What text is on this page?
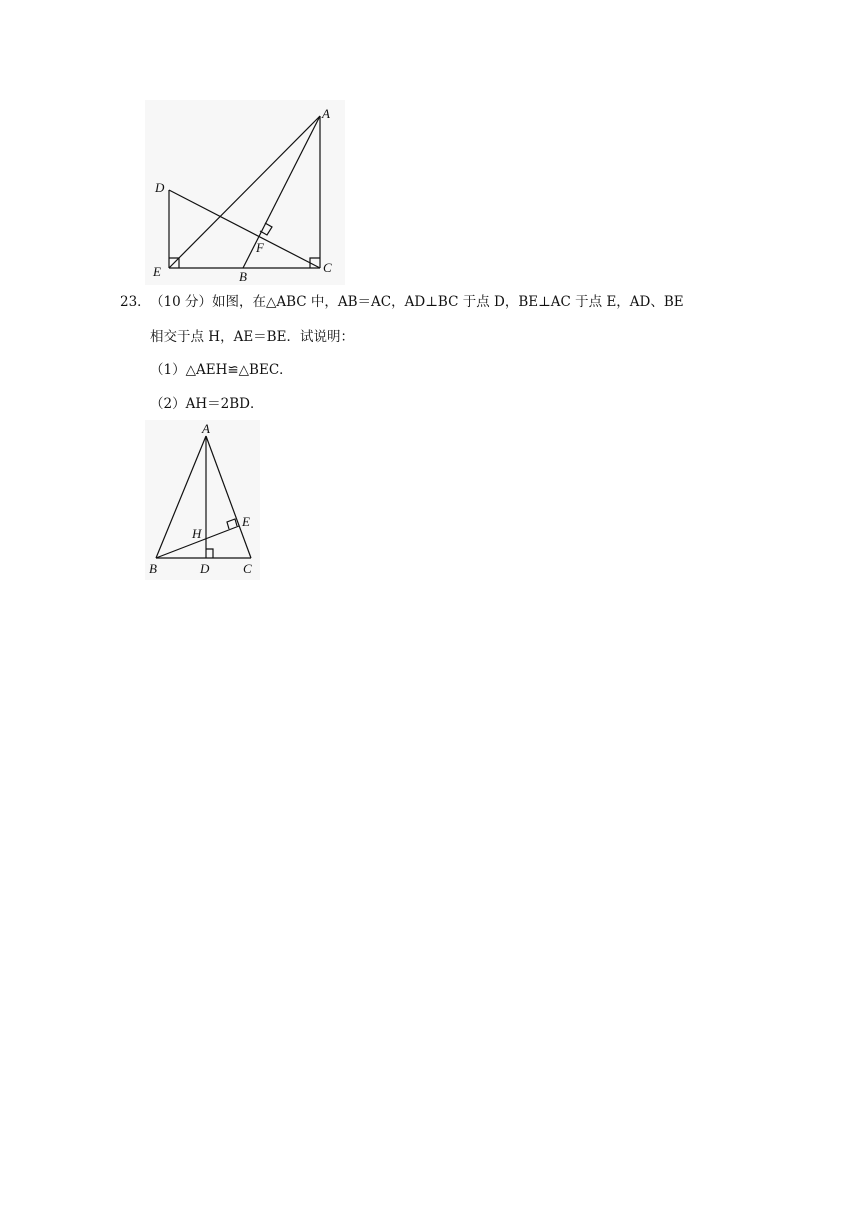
A
D
F
E	B
C
23． （10 分）如图，在△ABC 中，AB＝AC，AD⊥BC 于点 D，BE⊥AC 于点 E，AD、BE
相交于点 H，AE＝BE．试说明：
（1）△AEH≌△BEC．
（2）AH＝2BD．
A
E
H
B	D	C
